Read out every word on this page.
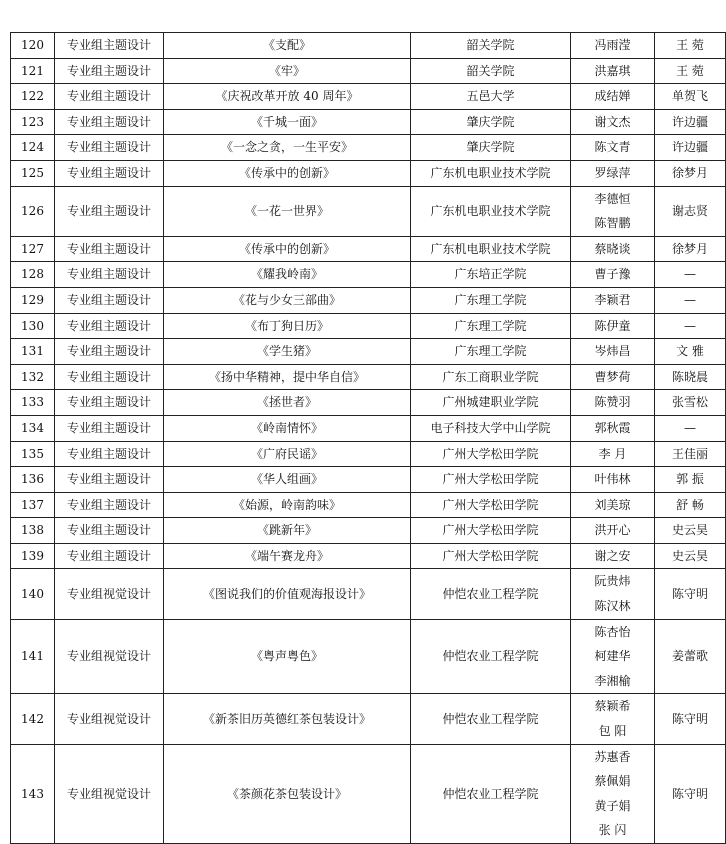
120	专业组主题设计	《支配》	韶关学院	冯雨滢	王 菀
121	专业组主题设计	《牢》	韶关学院	洪嘉琪	王 菀
122	专业组主题设计	《庆祝改革开放 40 周年》	五邑大学	成结婵	单贺飞
123	专业组主题设计	《千城一面》	肇庆学院	谢文杰	许边疆
124	专业组主题设计	《一念之贪，一生平安》	肇庆学院	陈文青	许边疆
125	专业组主题设计	《传承中的创新》	广东机电职业技术学院	罗绿萍	徐梦月
126	专业组主题设计	《一花一世界》	广东机电职业技术学院	李德恒
陈智鹏	谢志贤
127	专业组主题设计	《传承中的创新》	广东机电职业技术学院	蔡晓谈	徐梦月
128	专业组主题设计	《耀我岭南》	广东培正学院	曹子豫	—
129	专业组主题设计	《花与少女三部曲》	广东理工学院	李颖君	—
130	专业组主题设计	《布丁狗日历》	广东理工学院	陈伊童	—
131	专业组主题设计	《学生猪》	广东理工学院	岑炜昌	文 雅
132	专业组主题设计	《扬中华精神，提中华自信》	广东工商职业学院	曹梦荷	陈晓晨
133	专业组主题设计	《拯世者》	广州城建职业学院	陈赞羽	张雪松
134	专业组主题设计	《岭南情怀》	电子科技大学中山学院	郭秋霞	—
135	专业组主题设计	《广府民谣》	广州大学松田学院	李 月	王佳丽
136	专业组主题设计	《华人组画》	广州大学松田学院	叶伟林	郭 振
137	专业组主题设计	《始源，岭南韵味》	广州大学松田学院	刘美琼	舒 畅
138	专业组主题设计	《跳新年》	广州大学松田学院	洪开心	史云昊
139	专业组主题设计	《端午赛龙舟》	广州大学松田学院	谢之安	史云昊
140	专业组视觉设计	《图说我们的价值观海报设计》	仲恺农业工程学院	阮贵炜
陈汉林	陈守明
141	专业组视觉设计	《粤声粤色》	仲恺农业工程学院	陈杏怡
柯建华
李湘榆	姜蕾歌
142	专业组视觉设计	《新茶旧历英德红茶包装设计》	仲恺农业工程学院	蔡颖希
包 阳	陈守明
143	专业组视觉设计	《茶颜花茶包装设计》	仲恺农业工程学院	苏惠香
蔡佩娟
黄子娟
张 闪	陈守明
